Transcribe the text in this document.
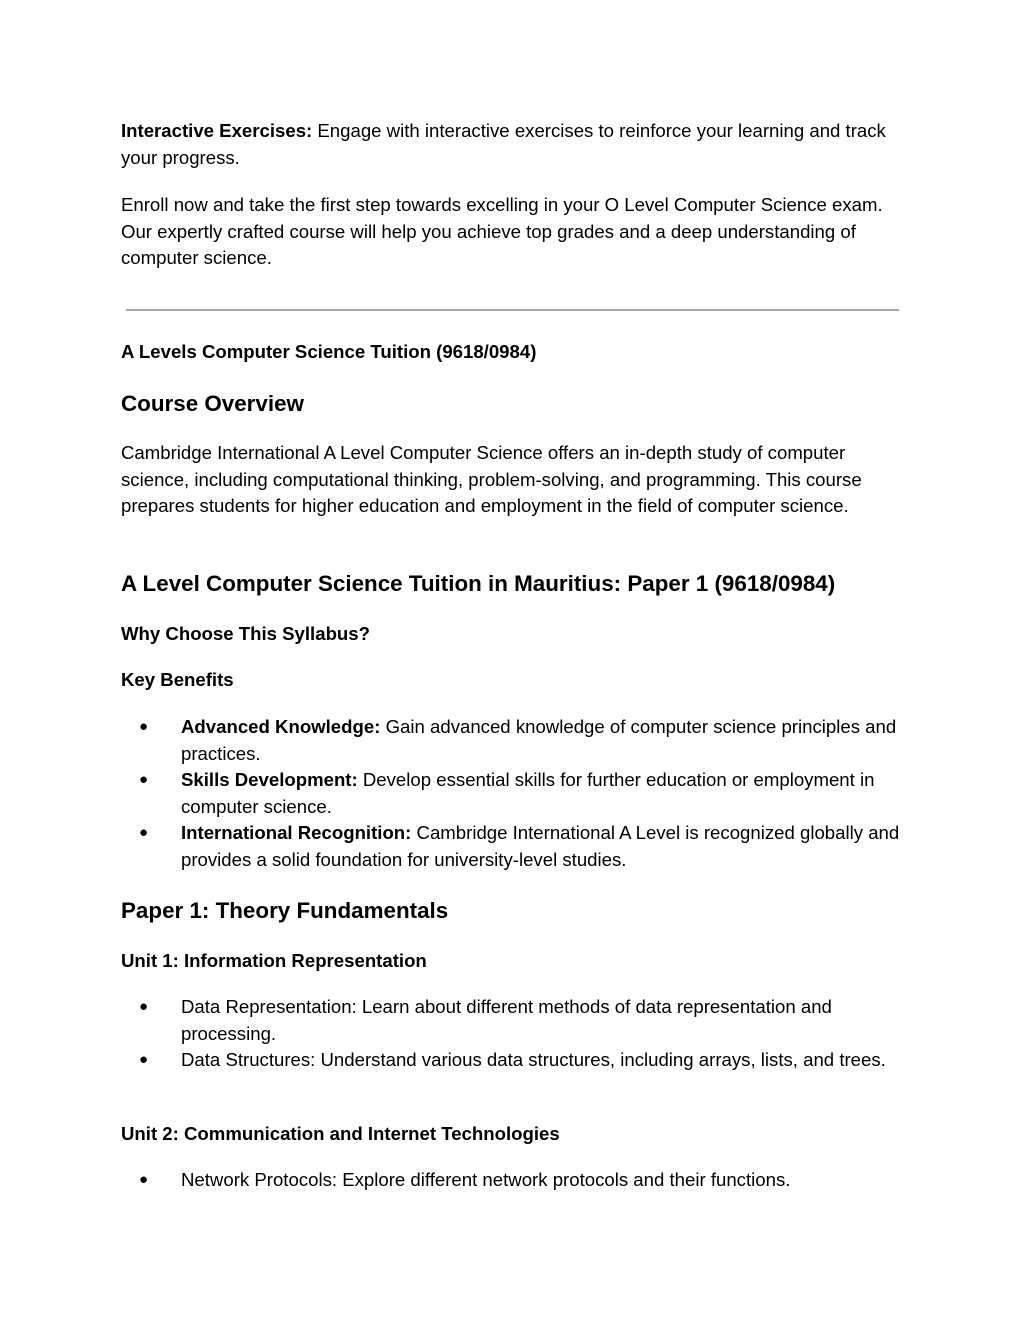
Interactive Exercises: Engage with interactive exercises to reinforce your learning and track your progress.

Enroll now and take the first step towards excelling in your O Level Computer Science exam. Our expertly crafted course will help you achieve top grades and a deep understanding of computer science.

A Levels Computer Science Tuition (9618/0984)
Course Overview

Cambridge International A Level Computer Science offers an in-depth study of computer science, including computational thinking, problem-solving, and programming. This course prepares students for higher education and employment in the field of computer science.

A Level Computer Science Tuition in Mauritius: Paper 1 (9618/0984)
Why Choose This Syllabus?
Key Benefits
● Advanced Knowledge: Gain advanced knowledge of computer science principles and practices.
● Skills Development: Develop essential skills for further education or employment in computer science.
● International Recognition: Cambridge International A Level is recognized globally and provides a solid foundation for university-level studies.
Paper 1: Theory Fundamentals
Unit 1: Information Representation
● Data Representation: Learn about different methods of data representation and processing.
● Data Structures: Understand various data structures, including arrays, lists, and trees.
Unit 2: Communication and Internet Technologies
● Network Protocols: Explore different network protocols and their functions.
